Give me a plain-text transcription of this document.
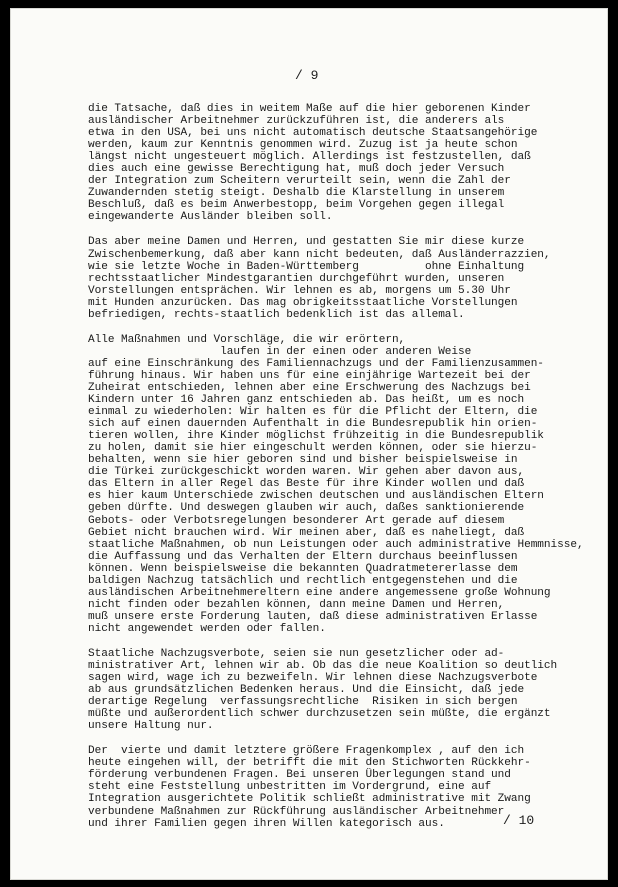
/ 9
die Tatsache, daß dies in weitem Maße auf die hier geborenen Kinder
ausländischer Arbeitnehmer zurückzuführen ist, die anderers als
etwa in den USA, bei uns nicht automatisch deutsche Staatsangehörige
werden, kaum zur Kenntnis genommen wird. Zuzug ist ja heute schon
längst nicht ungesteuert möglich. Allerdings ist festzustellen, daß
dies auch eine gewisse Berechtigung hat, muß doch jeder Versuch
der Integration zum Scheitern verurteilt sein, wenn die Zahl der
Zuwandernden stetig steigt. Deshalb die Klarstellung in unserem
Beschluß, daß es beim Anwerbestopp, beim Vorgehen gegen illegal
eingewanderte Ausländer bleiben soll.
Das aber meine Damen und Herren, und gestatten Sie mir diese kurze
Zwischenbemerkung, daß aber kann nicht bedeuten, daß Ausländerrazzien,
wie sie letzte Woche in Baden-Württemberg          ohne Einhaltung
rechtsstaatlicher Mindestgarantien durchgeführt wurden, unseren
Vorstellungen entsprächen. Wir lehnen es ab, morgens um 5.30 Uhr
mit Hunden anzurücken. Das mag obrigkeitsstaatliche Vorstellungen
befriedigen, rechts-staatlich bedenklich ist das allemal.
Alle Maßnahmen und Vorschläge, die wir erörtern,
laufen in der einen oder anderen Weise
auf eine Einschränkung des Familiennachzugs und der Familienzusammen-
führung hinaus. Wir haben uns für eine einjährige Wartezeit bei der
Zuheirat entschieden, lehnen aber eine Erschwerung des Nachzugs bei
Kindern unter 16 Jahren ganz entschieden ab. Das heißt, um es noch
einmal zu wiederholen: Wir halten es für die Pflicht der Eltern, die
sich auf einen dauernden Aufenthalt in die Bundesrepublik hin orien-
tieren wollen, ihre Kinder möglichst frühzeitig in die Bundesrepublik
zu holen, damit sie hier eingeschult werden können, oder sie hierzu-
behalten, wenn sie hier geboren sind und bisher beispielsweise in
die Türkei zurückgeschickt worden waren. Wir gehen aber davon aus,
das Eltern in aller Regel das Beste für ihre Kinder wollen und daß
es hier kaum Unterschiede zwischen deutschen und ausländischen Eltern
geben dürfte. Und deswegen glauben wir auch, daßes sanktionierende
Gebots- oder Verbotsregelungen besonderer Art gerade auf diesem
Gebiet nicht brauchen wird. Wir meinen aber, daß es naheliegt, daß
staatliche Maßnahmen, ob nun Leistungen oder auch administrative Hemmnisse,
die Auffassung und das Verhalten der Eltern durchaus beeinflussen
können. Wenn beispielsweise die bekannten Quadratmetererlasse dem
baldigen Nachzug tatsächlich und rechtlich entgegenstehen und die
ausländischen Arbeitnehmereltern eine andere angemessene große Wohnung
nicht finden oder bezahlen können, dann meine Damen und Herren,
muß unsere erste Forderung lauten, daß diese administrativen Erlasse
nicht angewendet werden oder fallen.
Staatliche Nachzugsverbote, seien sie nun gesetzlicher oder ad-
ministrativer Art, lehnen wir ab. Ob das die neue Koalition so deutlich
sagen wird, wage ich zu bezweifeln. Wir lehnen diese Nachzugsverbote
ab aus grundsätzlichen Bedenken heraus. Und die Einsicht, daß jede
derartige Regelung  verfassungsrechtliche  Risiken in sich bergen
müßte und außerordentlich schwer durchzusetzen sein müßte, die ergänzt
unsere Haltung nur.
Der  vierte und damit letztere größere Fragenkomplex , auf den ich
heute eingehen will, der betrifft die mit den Stichworten Rückkehr-
förderung verbundenen Fragen. Bei unseren Überlegungen stand und
steht eine Feststellung unbestritten im Vordergrund, eine auf
Integration ausgerichtete Politik schließt administrative mit Zwang
verbundene Maßnahmen zur Rückführung ausländischer Arbeitnehmer
und ihrer Familien gegen ihren Willen kategorisch aus.	/ 10
